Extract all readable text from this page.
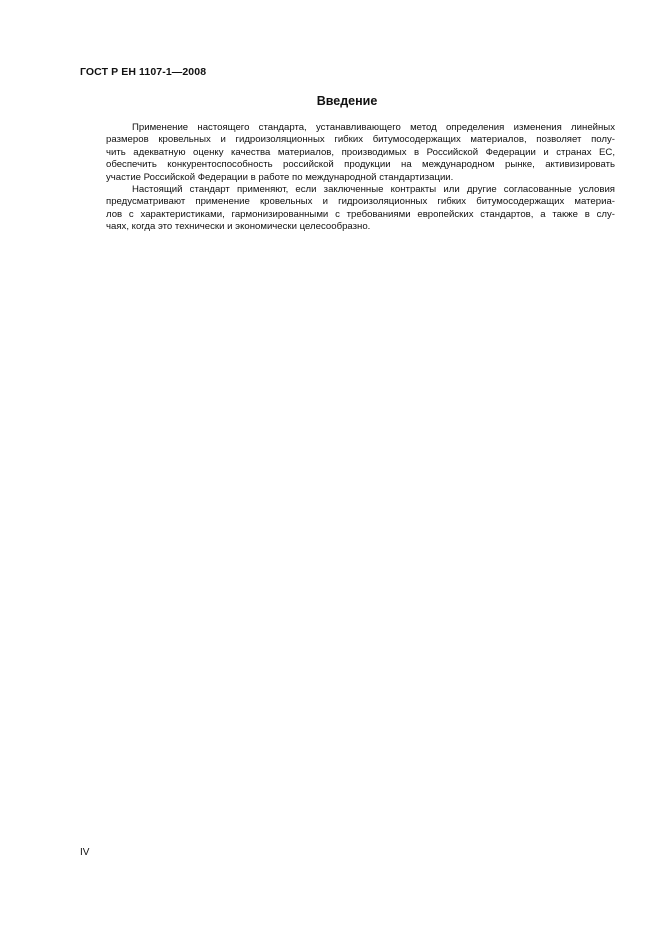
ГОСТ Р ЕН 1107-1—2008
Введение
Применение настоящего стандарта, устанавливающего метод определения изменения линейных
размеров кровельных и гидроизоляционных гибких битумосодержащих материалов, позволяет полу-
чить адекватную оценку качества материалов, производимых в Российской Федерации и странах ЕС,
обеспечить конкурентоспособность российской продукции на международном рынке, активизировать
участие Российской Федерации в работе по международной стандартизации.
Настоящий стандарт применяют, если заключенные контракты или другие согласованные условия
предусматривают применение кровельных и гидроизоляционных гибких битумосодержащих материа-
лов с характеристиками, гармонизированными с требованиями европейских стандартов, а также в слу-
чаях, когда это технически и экономически целесообразно.
IV
